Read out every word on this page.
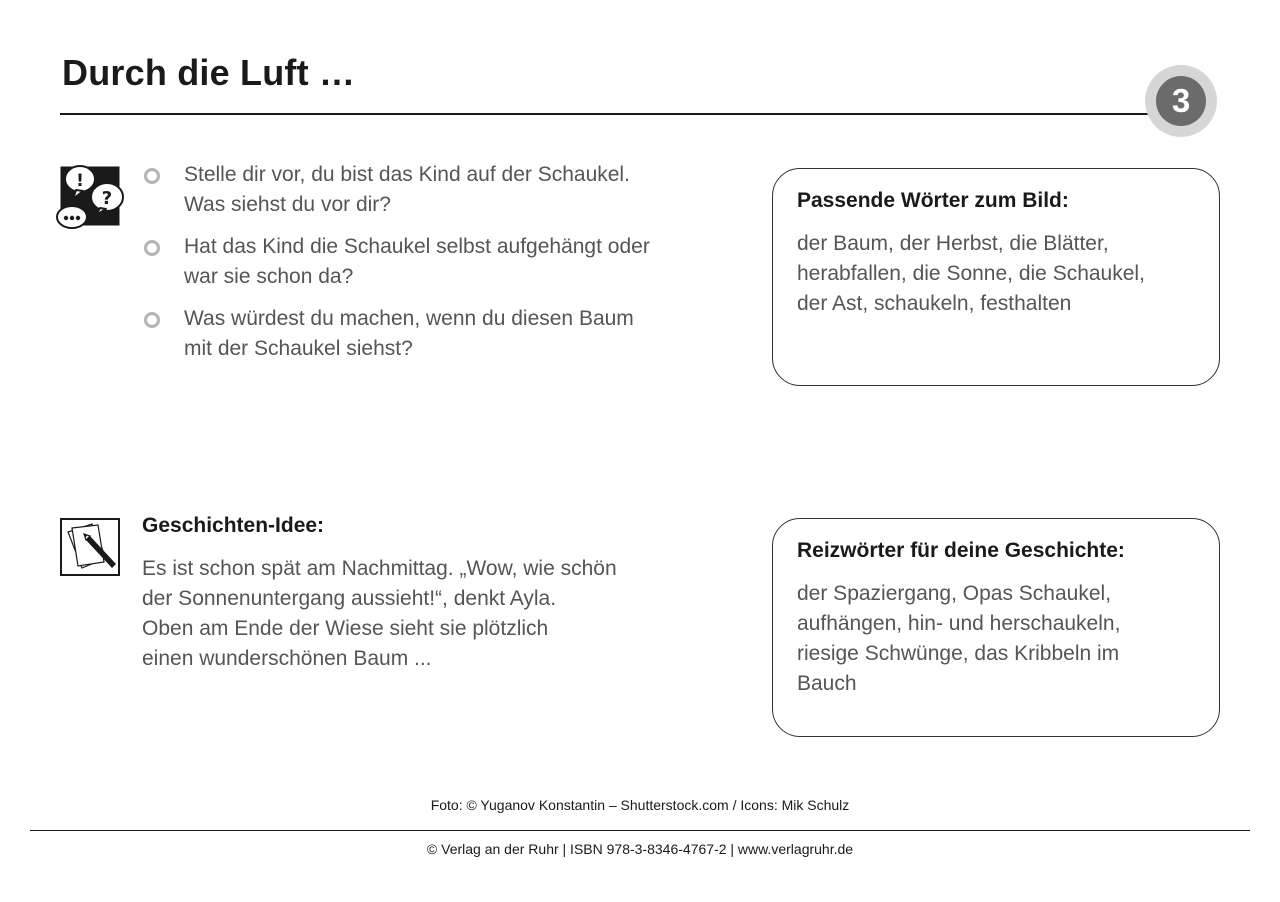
Durch die Luft …
3
!
?
Stelle dir vor, du bist das Kind auf der Schaukel.
Was siehst du vor dir?
Hat das Kind die Schaukel selbst aufgehängt oder
war sie schon da?
Was würdest du machen, wenn du diesen Baum
mit der Schaukel siehst?
Passende Wörter zum Bild:

der Baum, der Herbst, die Blätter,
herabfallen, die Sonne, die Schaukel,
der Ast, schaukeln, festhalten

Geschichten-Idee:

Es ist schon spät am Nachmittag. „Wow, wie schön
der Sonnenuntergang aussieht!“, denkt Ayla.
Oben am Ende der Wiese sieht sie plötzlich
einen wunderschönen Baum ...

Reizwörter für deine Geschichte:

der Spaziergang, Opas Schaukel,
aufhängen, hin- und herschaukeln,
riesige Schwünge, das Kribbeln im
Bauch

Foto: © Yuganov Konstantin – Shutterstock.com / Icons: Mik Schulz
© Verlag an der Ruhr | ISBN 978-3-8346-4767-2 | www.verlagruhr.de
